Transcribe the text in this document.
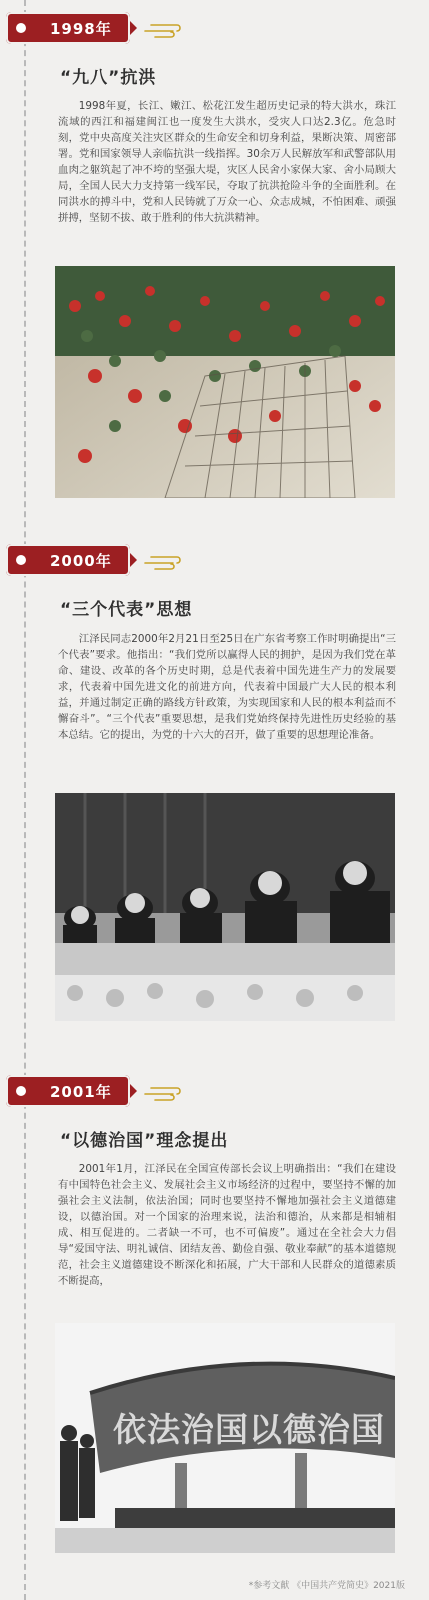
1998年
“九八”抗洪

1998年夏，长江、嫩江、松花江发生超历史记录的特大洪水，珠江流域的西江和福建闽江也一度发生大洪水，受灾人口达2.3亿。危急时刻，党中央高度关注灾区群众的生命安全和切身利益，果断决策、周密部署。党和国家领导人亲临抗洪一线指挥。30余万人民解放军和武警部队用血肉之躯筑起了冲不垮的坚强大堤，灾区人民舍小家保大家、舍小局顾大局，全国人民大力支持第一线军民，夺取了抗洪抢险斗争的全面胜利。在同洪水的搏斗中，党和人民铸就了万众一心、众志成城，不怕困难、顽强拼搏，坚韧不拔、敢于胜利的伟大抗洪精神。

2000年
“三个代表”思想

江泽民同志2000年2月21日至25日在广东省考察工作时明确提出“三个代表”要求。他指出：“我们党所以赢得人民的拥护，是因为我们党在革命、建设、改革的各个历史时期，总是代表着中国先进生产力的发展要求，代表着中国先进文化的前进方向，代表着中国最广大人民的根本利益，并通过制定正确的路线方针政策，为实现国家和人民的根本利益而不懈奋斗”。“三个代表”重要思想，是我们党始终保持先进性历史经验的基本总结。它的提出，为党的十六大的召开，做了重要的思想理论准备。

2001年
“以德治国”理念提出

2001年1月，江泽民在全国宣传部长会议上明确指出：“我们在建设有中国特色社会主义、发展社会主义市场经济的过程中，要坚持不懈的加强社会主义法制，依法治国；同时也要坚持不懈地加强社会主义道德建设，以德治国。对一个国家的治理来说，法治和德治，从来都是相辅相成、相互促进的。二者缺一不可，也不可偏废”。通过在全社会大力倡导“爱国守法、明礼诚信、团结友善、勤俭自强、敬业奉献”的基本道德规范，社会主义道德建设不断深化和拓展，广大干部和人民群众的道德素质不断提高，

依法治国以德治国
*参考文献 《中国共产党简史》2021版
